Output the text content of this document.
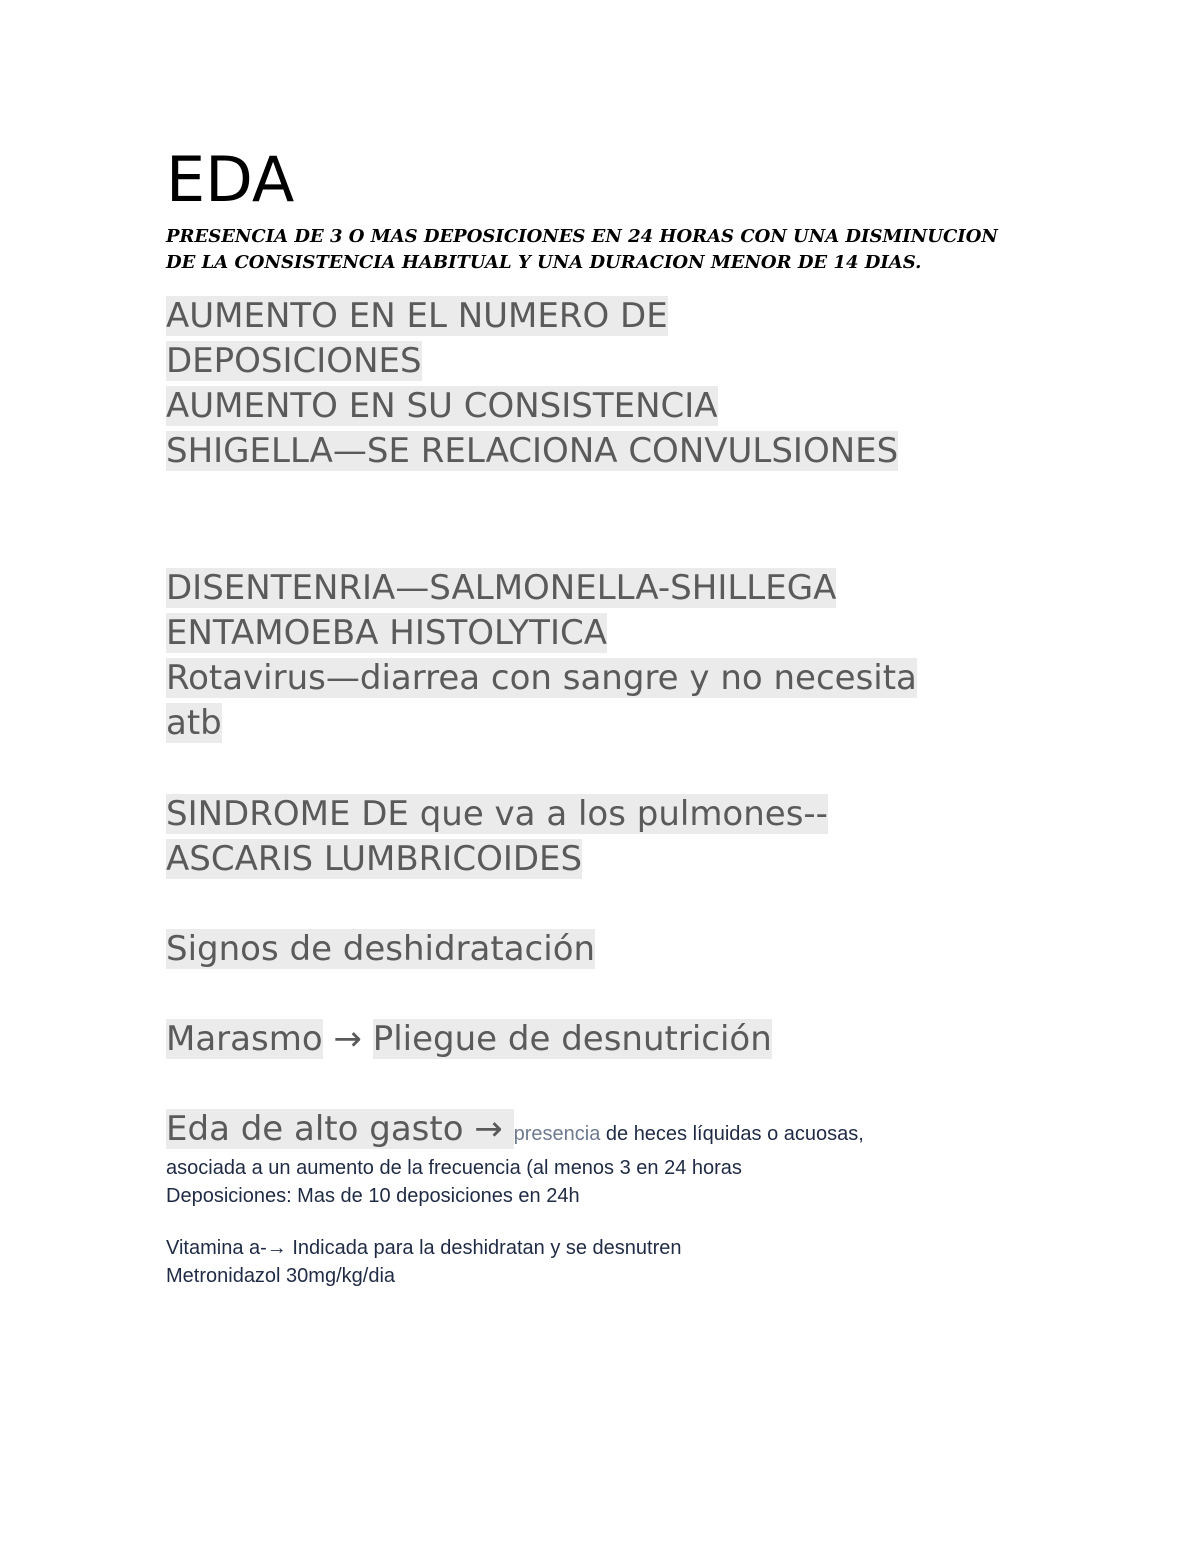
EDA

PRESENCIA DE 3 O MAS DEPOSICIONES EN 24 HORAS CON UNA DISMINUCION DE LA CONSISTENCIA HABITUAL Y UNA DURACION MENOR DE 14 DIAS.

AUMENTO EN EL NUMERO DE
DEPOSICIONES
AUMENTO EN SU CONSISTENCIA
SHIGELLA—SE RELACIONA CONVULSIONES
DISENTENRIA—SALMONELLA-SHILLEGA
ENTAMOEBA HISTOLYTICA
Rotavirus—diarrea con sangre y no necesita
atb
SINDROME DE que va a los pulmones--
ASCARIS LUMBRICOIDES
Signos de deshidratación
Marasmo → Pliegue de desnutrición
Eda de alto gasto → presencia de heces líquidas o acuosas,
asociada a un aumento de la frecuencia (al menos 3 en 24 horas
Deposiciones: Mas de 10 deposiciones en 24h
Vitamina a-→ Indicada para la deshidratan y se desnutren
Metronidazol 30mg/kg/dia
